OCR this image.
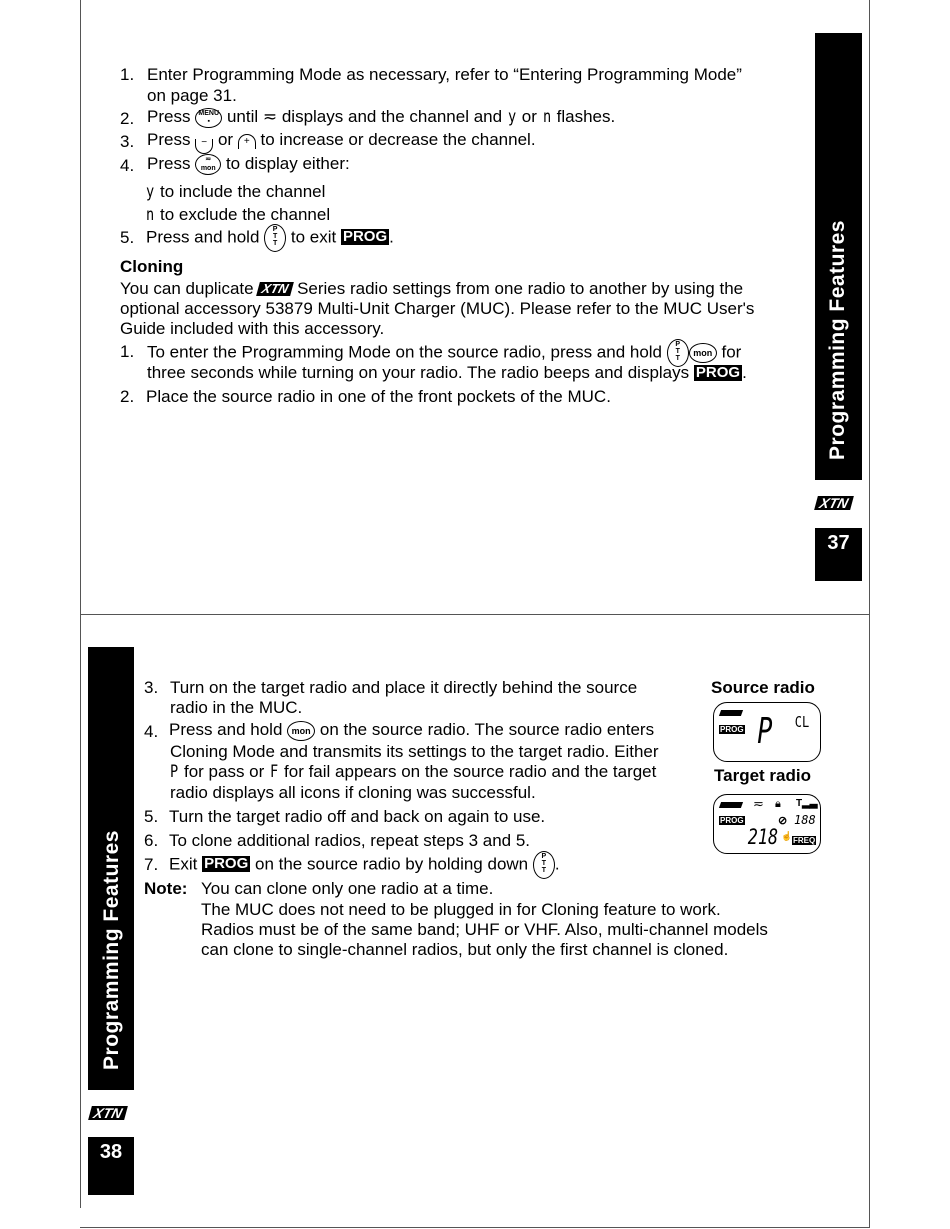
1. Enter Programming Mode as necessary, refer to “Entering Programming Mode”
on page 31.
2. Press MENU
▪ until ≂ displays and the channel and y or n flashes.
3. Press − or + to increase or decrease the channel.
4. Press ≂
mon to display either:
y to include the channel
n to exclude the channel
5. Press and hold P
T
T to exit PROG .
Cloning
You can duplicate XTN Series radio settings from one radio to another by using the
optional accessory 53879 Multi-Unit Charger (MUC). Please refer to the MUC User's
Guide included with this accessory.
1. To enter the Programming Mode on the source radio, press and hold P
T
Tmon for
three seconds while turning on your radio. The radio beeps and displays PROG .
2. Place the source radio in one of the front pockets of the MUC.	Programming Features
XTN
37
Programming Features
XTN
38
3. Turn on the target radio and place it directly behind the source
radio in the MUC.
4. Press and hold mon on the source radio. The source radio enters
Cloning Mode and transmits its settings to the target radio. Either
P for pass or F for fail appears on the source radio and the target
radio displays all icons if cloning was successful.
5. Turn the target radio off and back on again to use.
6. To clone additional radios, repeat steps 3 and 5.
7. Exit PROG on the source radio by holding down P
T
T .
Note: You can clone only one radio at a time.
The MUC does not need to be plugged in for Cloning feature to work.
Radios must be of the same band; UHF or VHF. Also, multi-channel models
can clone to single-channel radios, but only the first channel is cloned.
Source radio
PROG P CL
Target radio
≂ 🔒︎ T▂▃
PROG	⊘ 188
218 ☝ FREQ
